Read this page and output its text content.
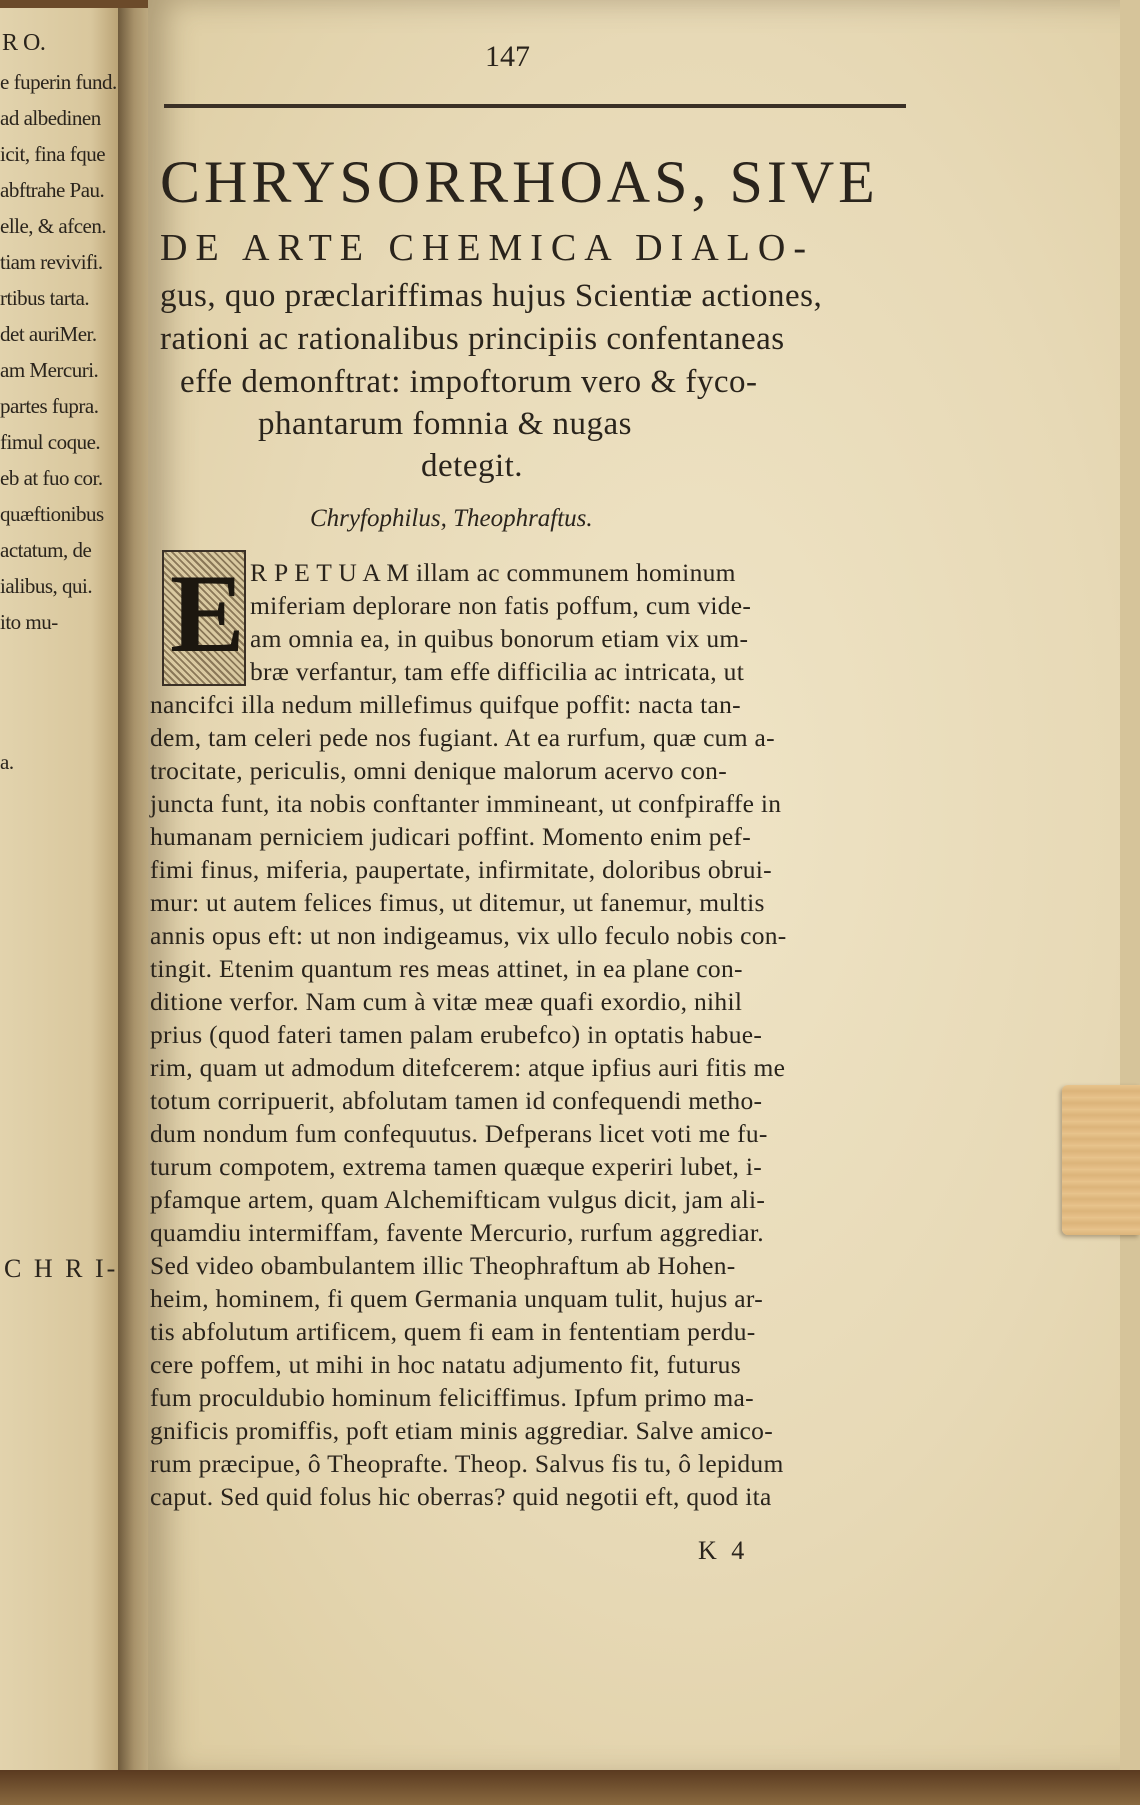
R O.
e fuperin fund.
ad albedinen
icit, fina fque
abftrahe Pau.
elle, & afcen.
tiam revivifi.
rtibus tarta.
det auriMer.
am Mercuri.
partes fupra.
fimul coque.
eb at fuo cor.
quæftionibus
actatum, de
ialibus, qui.
ito mu-
a.
C H R I-
147
CHRYSORRHOAS, SIVE
DE ARTE CHEMICA DIALO-
gus, quo præclariffimas hujus Scientiæ actiones,
rationi ac rationalibus principiis confentaneas
effe demonftrat: impoftorum vero & fyco-
phantarum fomnia & nugas
detegit.
Chryfophilus, Theophraftus.
E R P E T U A M illam ac communem hominum
miferiam deplorare non fatis poffum, cum vide-
am omnia ea, in quibus bonorum etiam vix um-
bræ verfantur, tam effe difficilia ac intricata, ut
nancifci illa nedum millefimus quifque poffit: nacta tan-
dem, tam celeri pede nos fugiant. At ea rurfum, quæ cum a-
trocitate, periculis, omni denique malorum acervo con-
juncta funt, ita nobis conftanter immineant, ut confpiraffe in
humanam perniciem judicari poffint. Momento enim pef-
fimi finus, miferia, paupertate, infirmitate, doloribus obrui-
mur: ut autem felices fimus, ut ditemur, ut fanemur, multis
annis opus eft: ut non indigeamus, vix ullo feculo nobis con-
tingit. Etenim quantum res meas attinet, in ea plane con-
ditione verfor. Nam cum à vitæ meæ quafi exordio, nihil
prius (quod fateri tamen palam erubefco) in optatis habue-
rim, quam ut admodum ditefcerem: atque ipfius auri fitis me
totum corripuerit, abfolutam tamen id confequendi metho-
dum nondum fum confequutus. Defperans licet voti me fu-
turum compotem, extrema tamen quæque experiri lubet, i-
pfamque artem, quam Alchemifticam vulgus dicit, jam ali-
quamdiu intermiffam, favente Mercurio, rurfum aggrediar.
Sed video obambulantem illic Theophraftum ab Hohen-
heim, hominem, fi quem Germania unquam tulit, hujus ar-
tis abfolutum artificem, quem fi eam in fententiam perdu-
cere poffem, ut mihi in hoc natatu adjumento fit, futurus
fum proculdubio hominum feliciffimus. Ipfum primo ma-
gnificis promiffis, poft etiam minis aggrediar. Salve amico-
rum præcipue, ô Theoprafte. Theop. Salvus fis tu, ô lepidum
caput. Sed quid folus hic oberras? quid negotii eft, quod ita
K 4
